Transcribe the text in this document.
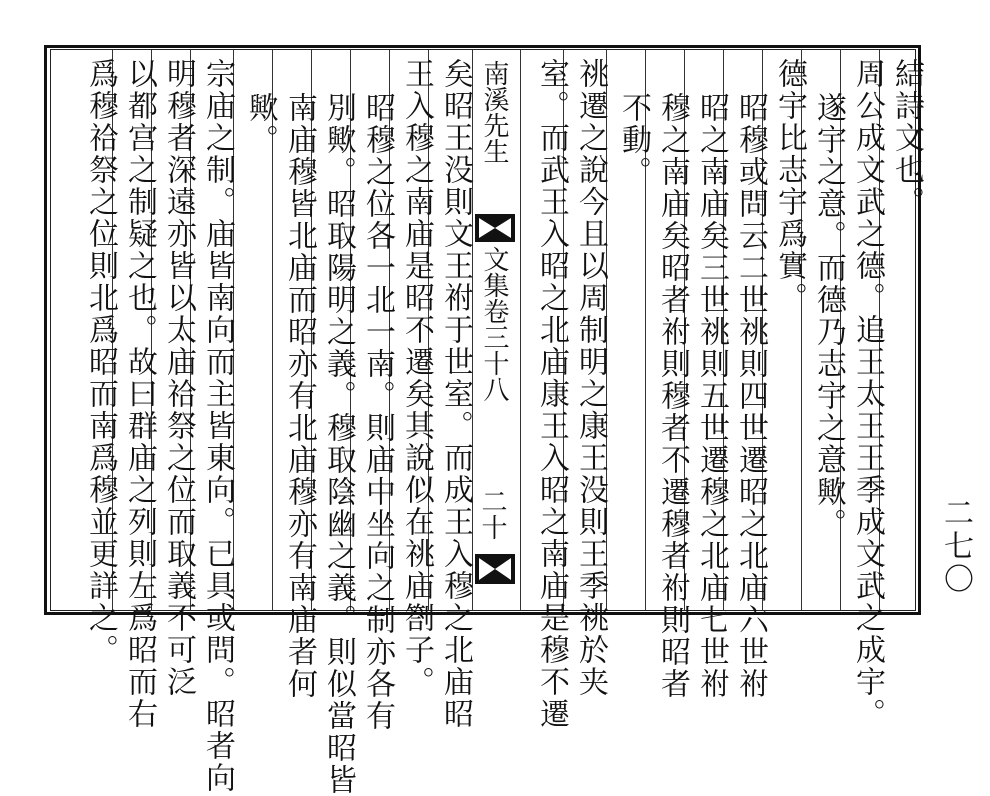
結詩文也。
周公成文武之德。追王太王王季成文武之成宇。
遂宇之意。而德乃志宇之意歟。
德宇比志宇爲實。
昭穆或問云二世祧則四世遷昭之北庙六世祔
昭之南庙矣三世祧則五世遷穆之北庙七世祔
穆之南庙矣昭者祔則穆者不遷穆者祔則昭者
不動。
祧遷之說今且以周制明之康王没則王季祧於夹
室。而武王入昭之北庙康王入昭之南庙是穆不遷
矣昭王没則文王祔于世室。而成王入穆之北庙昭
王入穆之南庙是昭不遷矣其說似在祧庙劄子。
昭穆之位各一北一南。則庙中坐向之制亦各有
別歟。昭取陽明之義。穆取陰幽之義。則似當昭皆
南庙穆皆北庙而昭亦有北庙穆亦有南庙者何
歟。
宗庙之制。庙皆南向而主皆東向。已具或問。昭者向
明穆者深遠亦皆以太庙祫祭之位而取義不可泛
以都宫之制疑之也。故曰群庙之列則左爲昭而右
爲穆祫祭之位則北爲昭而南爲穆並更詳之。	南溪先生
文集卷三十八
二十	二七〇
